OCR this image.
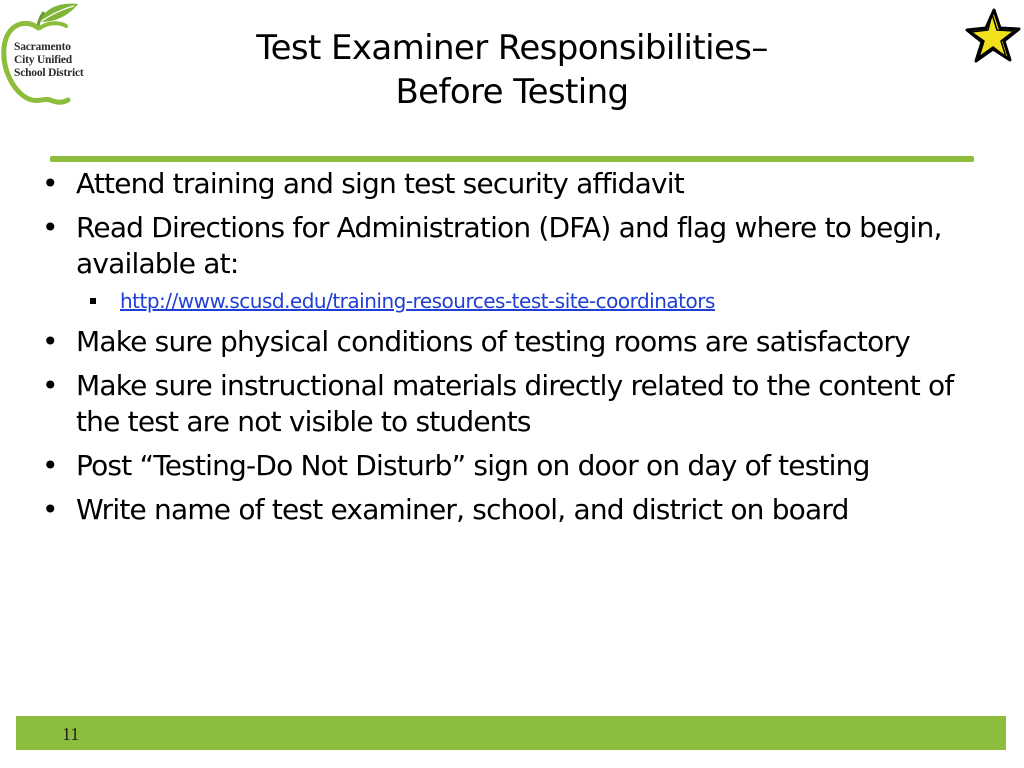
Sacramento
City Unified
School District
Test Examiner Responsibilities–
Before Testing
• Attend training and sign test security affidavit
• Read Directions for Administration (DFA) and flag where to begin, available at:
http://www.scusd.edu/training-resources-test-site-coordinators
• Make sure physical conditions of testing rooms are satisfactory
• Make sure instructional materials directly related to the content of the test are not visible to students
• Post “Testing-Do Not Disturb” sign on door on day of testing
• Write name of test examiner, school, and district on board
11
